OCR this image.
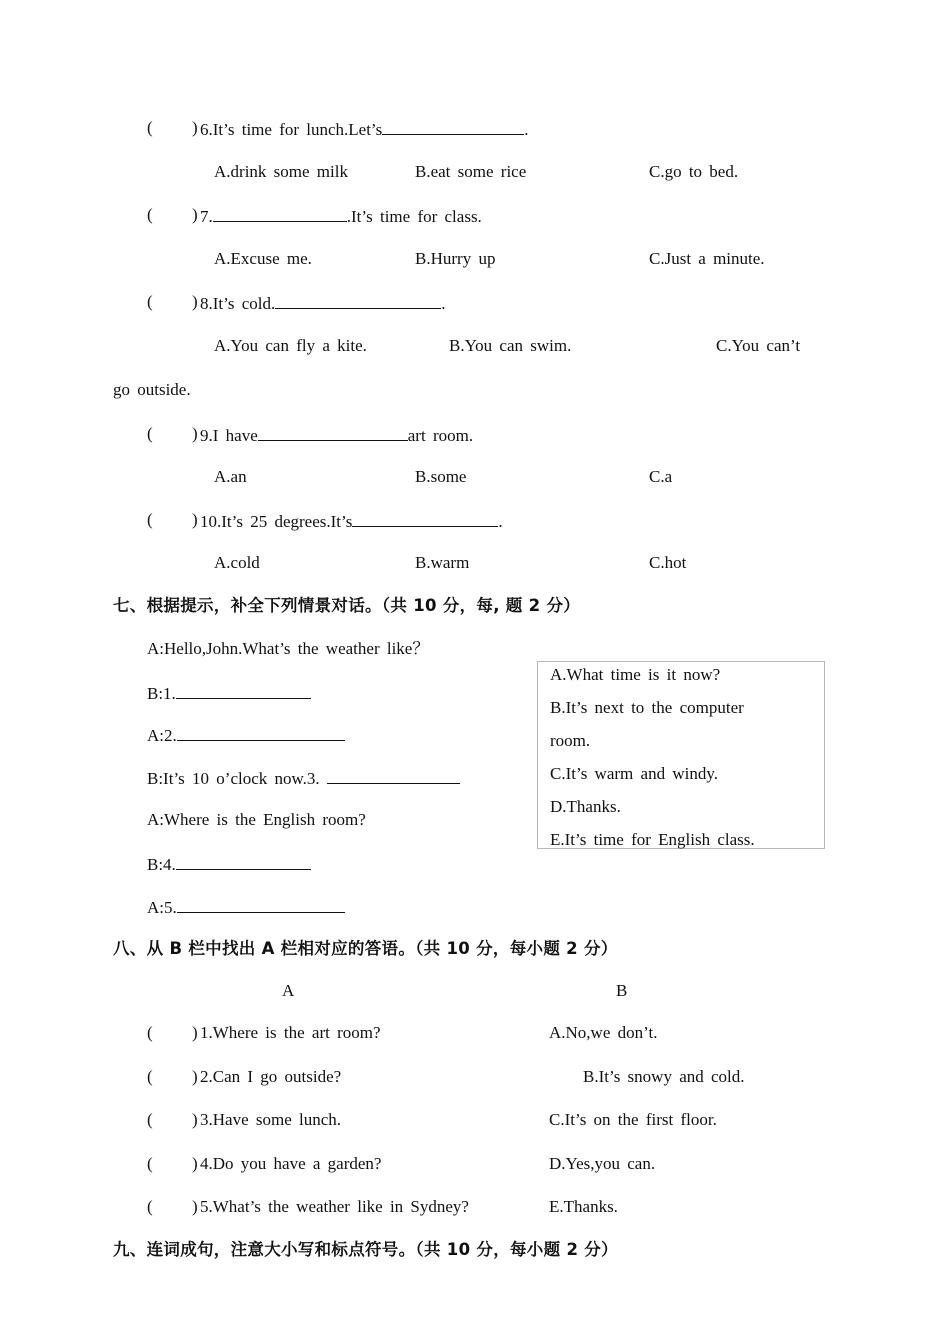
( ) 6.It’s time for lunch.Let’s	.
A.drink some milk	B.eat some rice	C.go to bed.
( ) 7.	.It’s time for class.
A.Excuse me.	B.Hurry up	C.Just a minute.
( ) 8.It’s cold.	.
A.You can fly a kite.	B.You can swim.	C.You can’t
go outside.
( ) 9.I have	art room.
A.an	B.some	C.a
( ) 10.It’s 25 degrees.It’s	.
A.cold	B.warm	C.hot
七、根据提示，补全下列情景对话。（共 10 分，每, 题 2 分）
A:Hello,John.What’s the weather like？
B:1.
A:2.
B:It’s 10 o’clock now.3.
A:Where is the English room?
B:4.
A:5.
A.What time is it now?
B.It’s next to the computer
room.
C.It’s warm and windy.
D.Thanks.
E.It’s time for English class.
八、从 B 栏中找出 A 栏相对应的答语。（共 10 分，每小题 2 分）
A	B
( ) 1.Where is the art room?	A.No,we don’t.
( ) 2.Can I go outside?	B.It’s snowy and cold.
( ) 3.Have some lunch.	C.It’s on the first floor.
( ) 4.Do you have a garden?	D.Yes,you can.
( ) 5.What’s the weather like in Sydney?	E.Thanks.
九、连词成句，注意大小写和标点符号。（共 10 分，每小题 2 分）
